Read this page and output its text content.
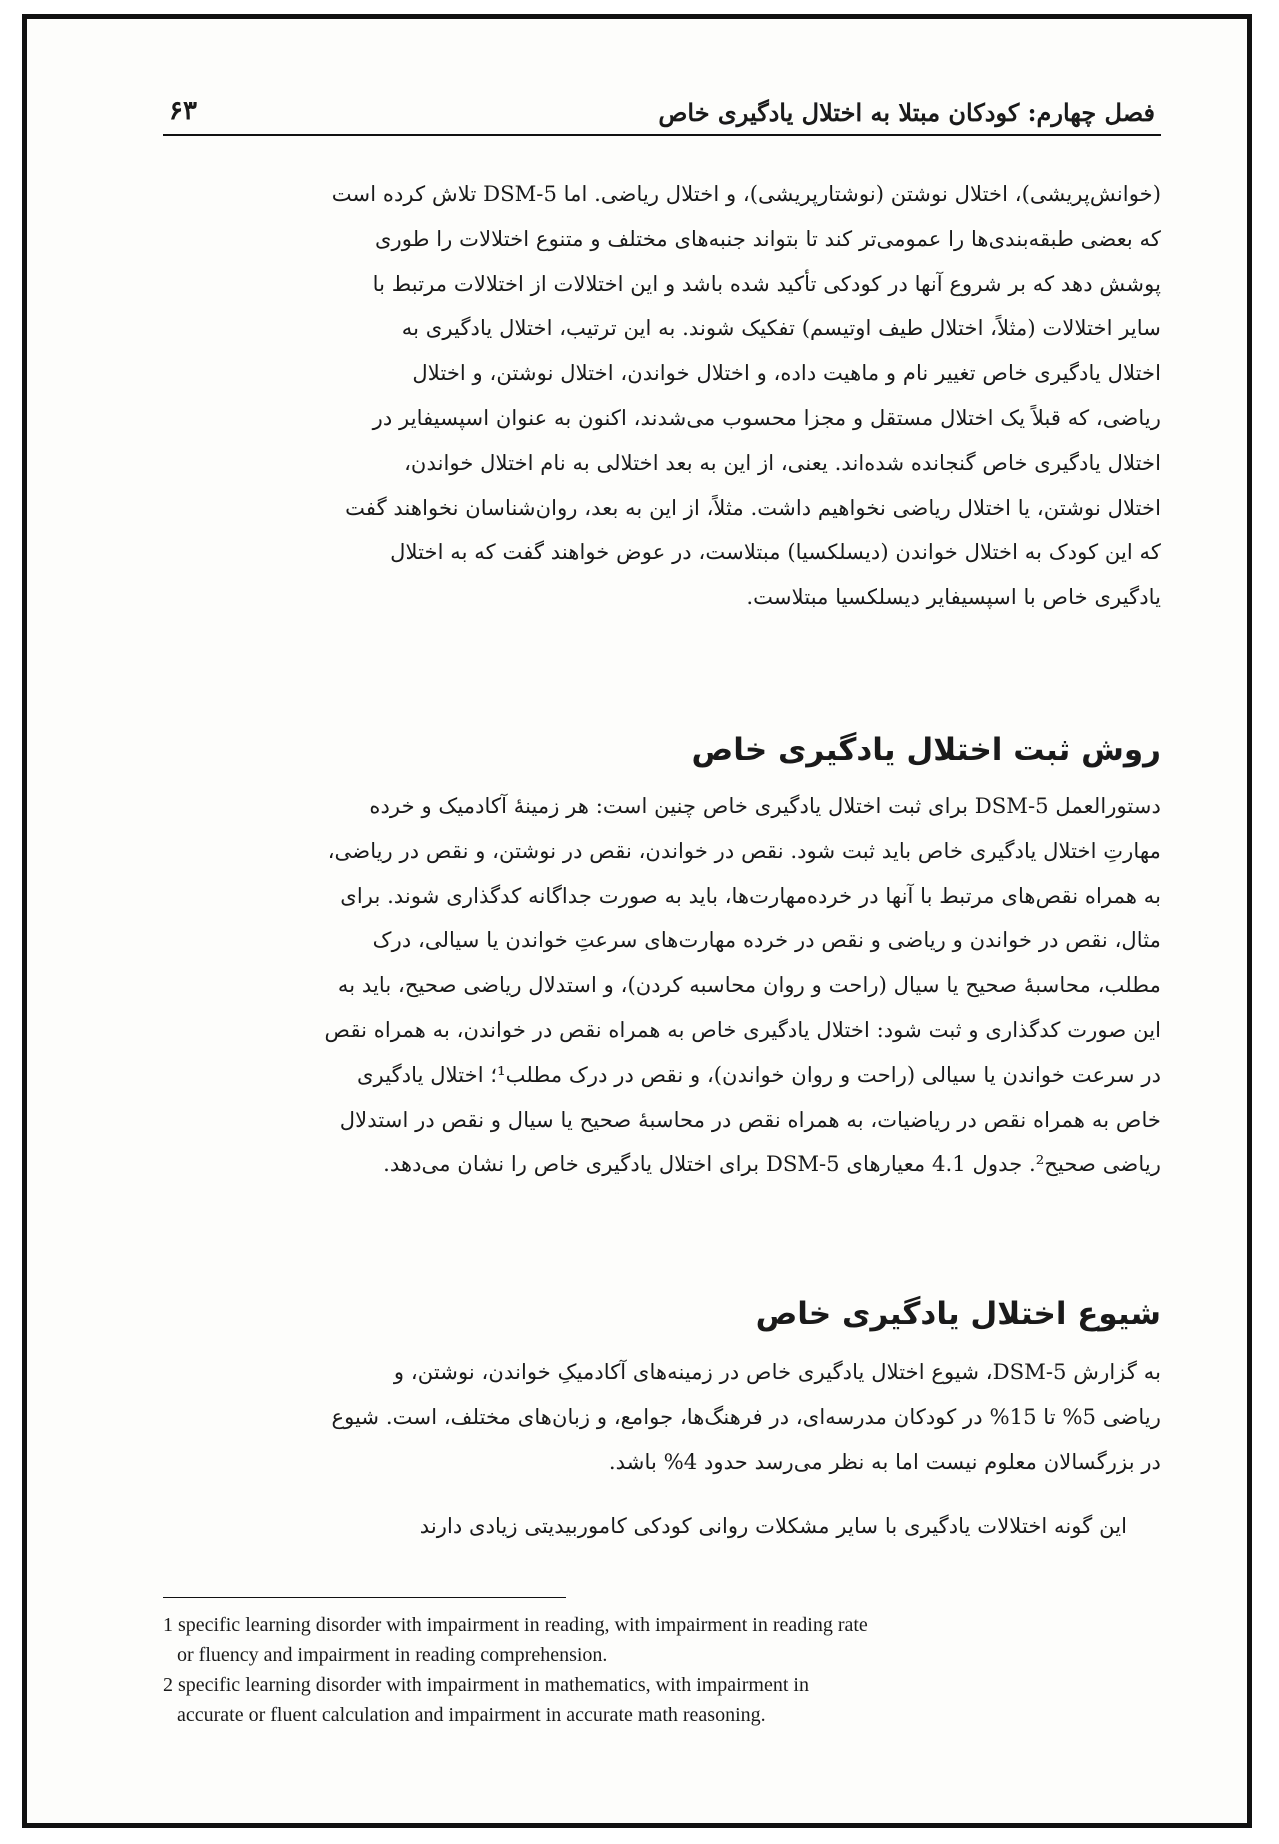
فصل چهارم: کودکان مبتلا به اختلال یادگیری خاص
۶۳
(خوانش‌پریشی)، اختلال نوشتن (نوشتارپریشی)، و اختلال ریاضی. اما DSM-5 تلاش کرده است
که بعضی طبقه‌بندی‌ها را عمومی‌تر کند تا بتواند جنبه‌های مختلف و متنوع اختلالات را طوری
پوشش دهد که بر شروع آنها در کودکی تأکید شده باشد و این اختلالات از اختلالات مرتبط با
سایر اختلالات (مثلاً، اختلال طیف اوتیسم) تفکیک شوند. به این ترتیب، اختلال یادگیری به
اختلال یادگیری خاص تغییر نام و ماهیت داده، و اختلال خواندن، اختلال نوشتن، و اختلال
ریاضی، که قبلاً یک اختلال مستقل و مجزا محسوب می‌شدند، اکنون به عنوان اسپسیفایر در
اختلال یادگیری خاص گنجانده شده‌اند. یعنی، از این به بعد اختلالی به نام اختلال خواندن،
اختلال نوشتن، یا اختلال ریاضی نخواهیم داشت. مثلاً، از این به بعد، روان‌شناسان نخواهند گفت
که این کودک به اختلال خواندن (دیسلکسیا) مبتلاست، در عوض خواهند گفت که به اختلال
یادگیری خاص با اسپسیفایر دیسلکسیا مبتلاست.
روش ثبت اختلال یادگیری خاص
دستورالعمل DSM-5 برای ثبت اختلال یادگیری خاص چنین است: هر زمینهٔ آکادمیک و خرده
مهارتِ اختلال یادگیری خاص باید ثبت شود. نقص در خواندن، نقص در نوشتن، و نقص در ریاضی،
به همراه نقص‌های مرتبط با آنها در خرده‌مهارت‌ها، باید به صورت جداگانه کدگذاری شوند. برای
مثال، نقص در خواندن و ریاضی و نقص در خرده مهارت‌های سرعتِ خواندن یا سیالی، درک
مطلب، محاسبهٔ صحیح یا سیال (راحت و روان محاسبه کردن)، و استدلال ریاضی صحیح، باید به
این صورت کدگذاری و ثبت شود: اختلال یادگیری خاص به همراه نقص در خواندن، به همراه نقص
در سرعت خواندن یا سیالی (راحت و روان خواندن)، و نقص در درک مطلب¹؛ اختلال یادگیری
خاص به همراه نقص در ریاضیات، به همراه نقص در محاسبهٔ صحیح یا سیال و نقص در استدلال
ریاضی صحیح². جدول 4.1 معیارهای DSM-5 برای اختلال یادگیری خاص را نشان می‌دهد.
شیوع اختلال یادگیری خاص
به گزارش DSM-5، شیوع اختلال یادگیری خاص در زمینه‌های آکادمیکِ خواندن، نوشتن، و
ریاضی 5% تا 15% در کودکان مدرسه‌ای، در فرهنگ‌ها، جوامع، و زبان‌های مختلف، است. شیوع
در بزرگسالان معلوم نیست اما به نظر می‌رسد حدود 4% باشد.
این گونه اختلالات یادگیری با سایر مشکلات روانی کودکی کاموربیدیتی زیادی دارند
1 specific learning disorder with impairment in reading, with impairment in reading rate
or fluency and impairment in reading comprehension.
2 specific learning disorder with impairment in mathematics, with impairment in
accurate or fluent calculation and impairment in accurate math reasoning.
